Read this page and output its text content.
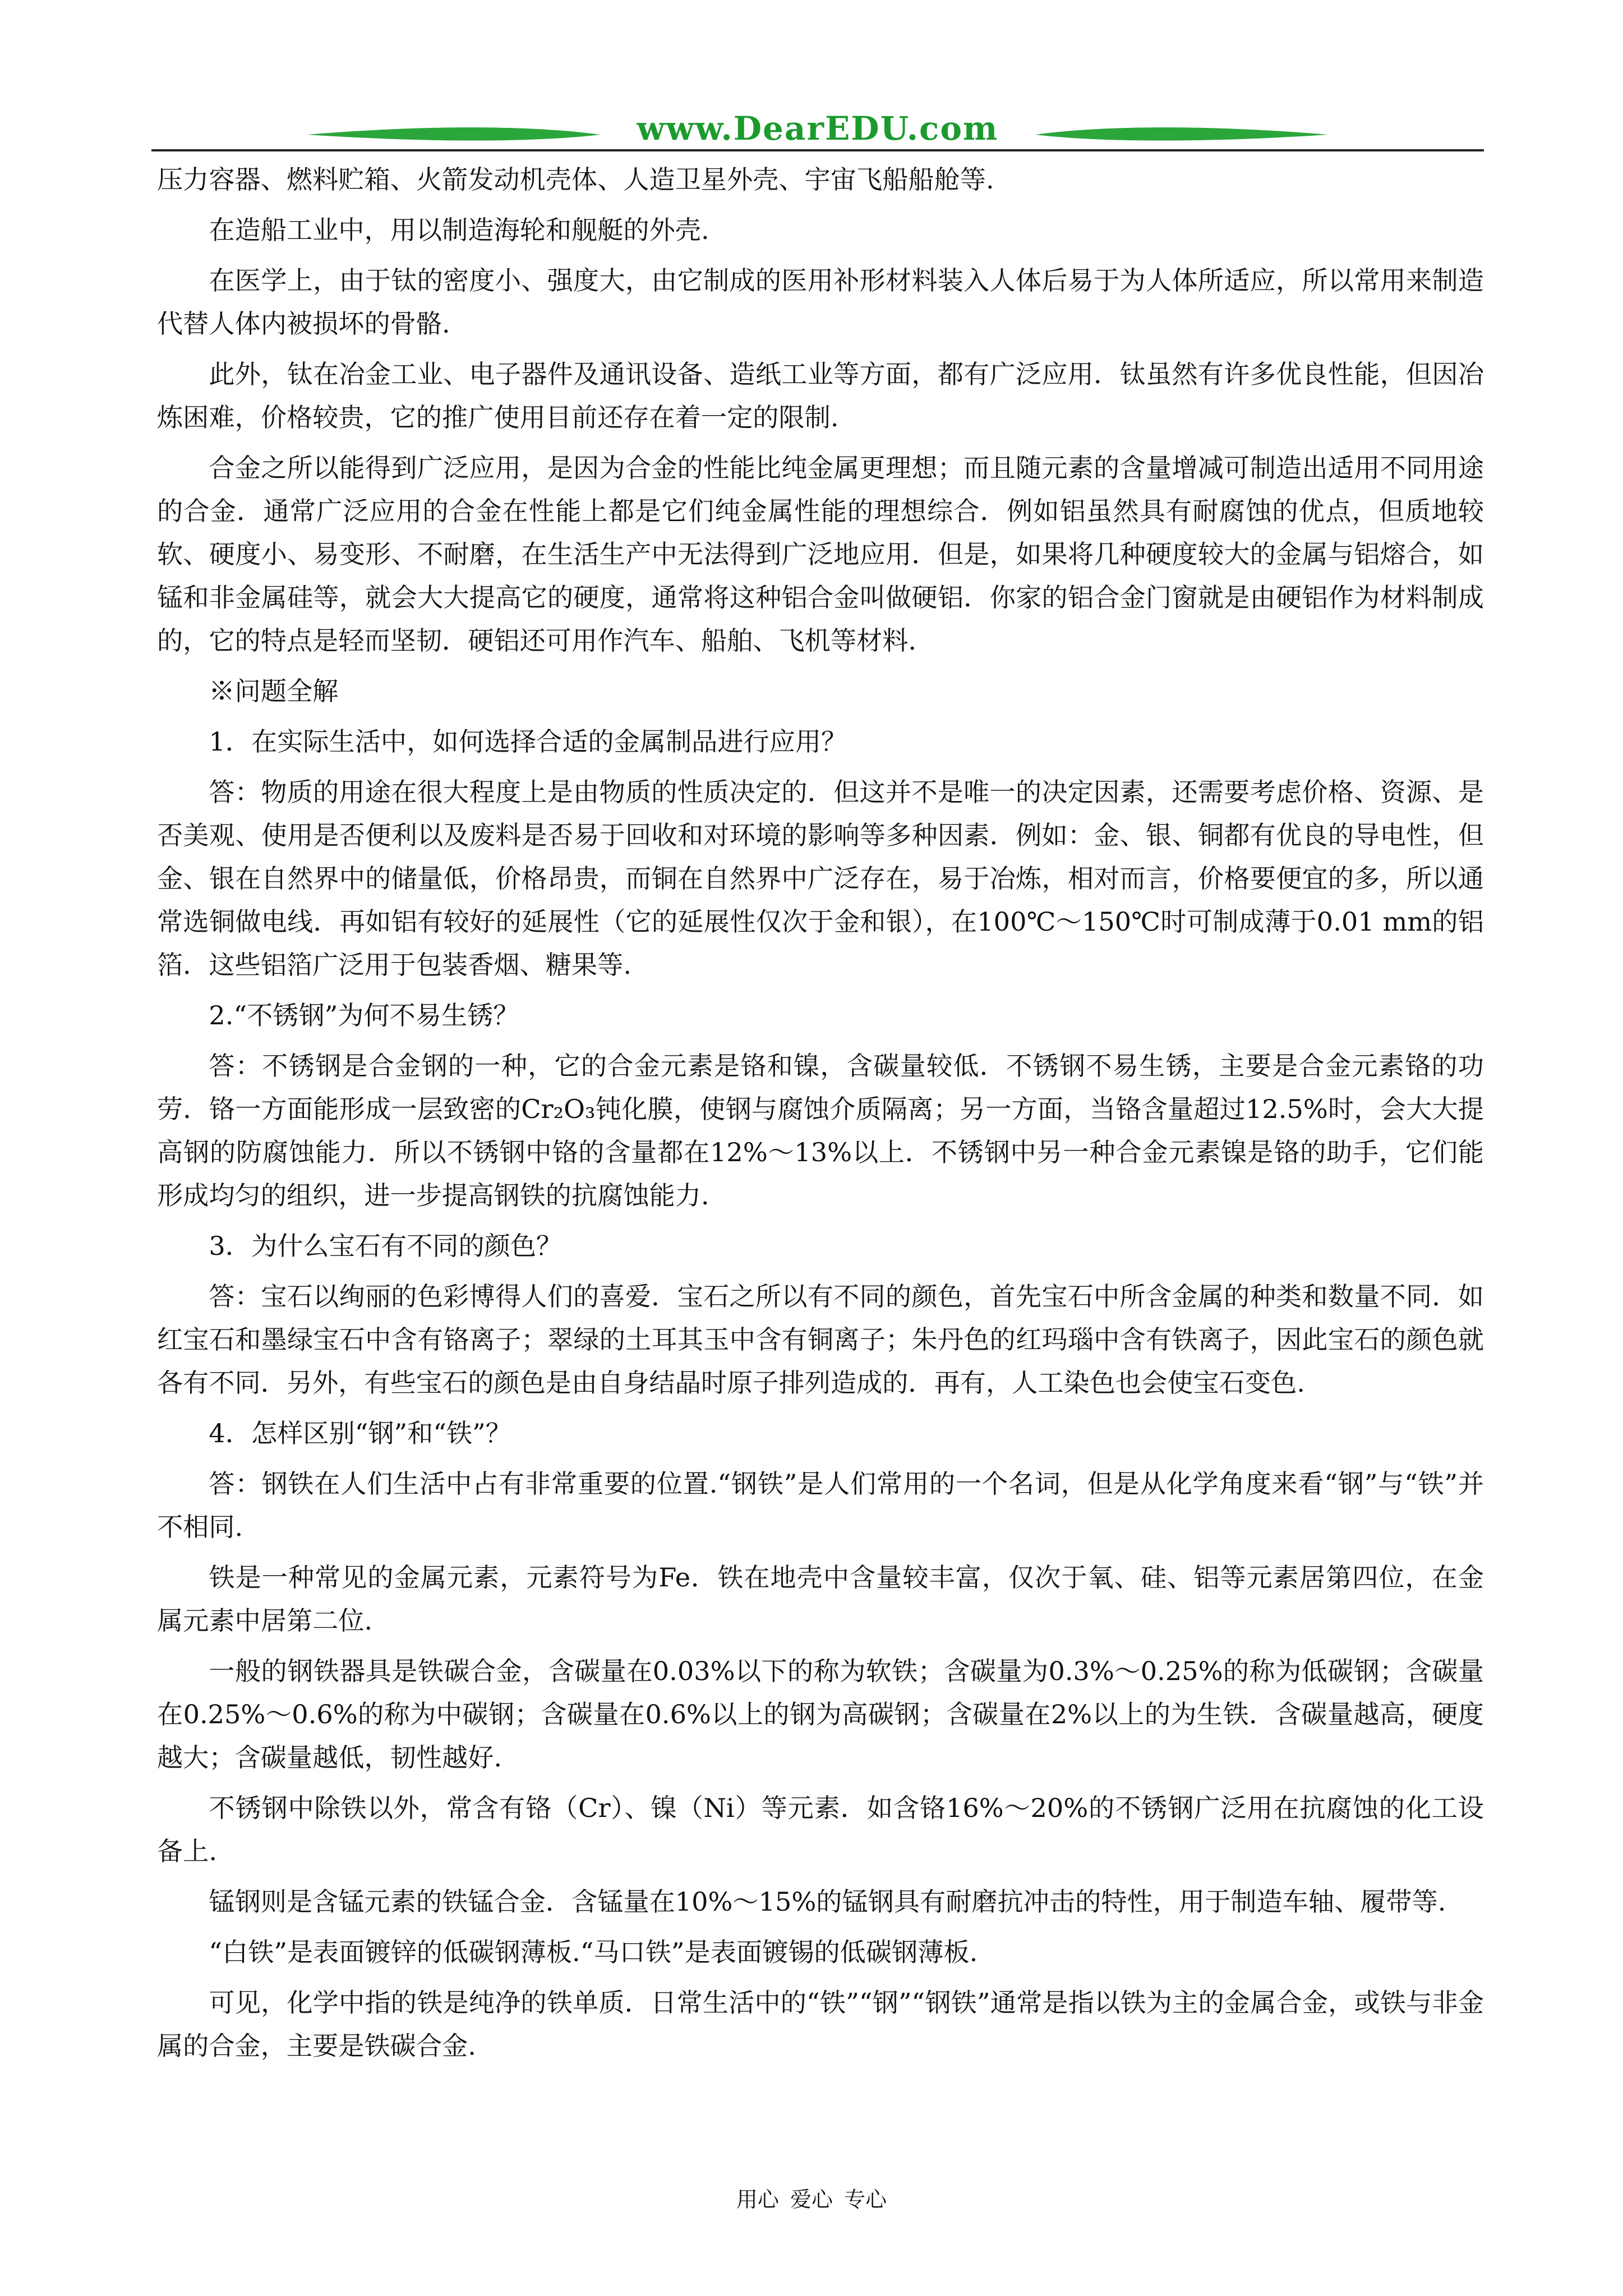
www.DearEDU.com

压力容器、燃料贮箱、火箭发动机壳体、人造卫星外壳、宇宙飞船船舱等.

在造船工业中，用以制造海轮和舰艇的外壳.

在医学上，由于钛的密度小、强度大，由它制成的医用补形材料装入人体后易于为人体所适应，所以常用来制造代替人体内被损坏的骨骼.

此外，钛在冶金工业、电子器件及通讯设备、造纸工业等方面，都有广泛应用．钛虽然有许多优良性能，但因冶炼困难，价格较贵，它的推广使用目前还存在着一定的限制.

合金之所以能得到广泛应用，是因为合金的性能比纯金属更理想；而且随元素的含量增减可制造出适用不同用途的合金．通常广泛应用的合金在性能上都是它们纯金属性能的理想综合．例如铝虽然具有耐腐蚀的优点，但质地较软、硬度小、易变形、不耐磨，在生活生产中无法得到广泛地应用．但是，如果将几种硬度较大的金属与铝熔合，如锰和非金属硅等，就会大大提高它的硬度，通常将这种铝合金叫做硬铝．你家的铝合金门窗就是由硬铝作为材料制成的，它的特点是轻而坚韧．硬铝还可用作汽车、船舶、飞机等材料.

※问题全解

1．在实际生活中，如何选择合适的金属制品进行应用？

答：物质的用途在很大程度上是由物质的性质决定的．但这并不是唯一的决定因素，还需要考虑价格、资源、是否美观、使用是否便利以及废料是否易于回收和对环境的影响等多种因素．例如：金、银、铜都有优良的导电性，但金、银在自然界中的储量低，价格昂贵，而铜在自然界中广泛存在，易于冶炼，相对而言，价格要便宜的多，所以通常选铜做电线．再如铝有较好的延展性（它的延展性仅次于金和银），在100℃～150℃时可制成薄于0.01 mm的铝箔．这些铝箔广泛用于包装香烟、糖果等.

2.“不锈钢”为何不易生锈？

答：不锈钢是合金钢的一种，它的合金元素是铬和镍，含碳量较低．不锈钢不易生锈，主要是合金元素铬的功劳．铬一方面能形成一层致密的Cr₂O₃钝化膜，使钢与腐蚀介质隔离；另一方面，当铬含量超过12.5%时，会大大提高钢的防腐蚀能力．所以不锈钢中铬的含量都在12%～13%以上．不锈钢中另一种合金元素镍是铬的助手，它们能形成均匀的组织，进一步提高钢铁的抗腐蚀能力.

3．为什么宝石有不同的颜色？

答：宝石以绚丽的色彩博得人们的喜爱．宝石之所以有不同的颜色，首先宝石中所含金属的种类和数量不同．如红宝石和墨绿宝石中含有铬离子；翠绿的土耳其玉中含有铜离子；朱丹色的红玛瑙中含有铁离子，因此宝石的颜色就各有不同．另外，有些宝石的颜色是由自身结晶时原子排列造成的．再有，人工染色也会使宝石变色.

4．怎样区别“钢”和“铁”？

答：钢铁在人们生活中占有非常重要的位置.“钢铁”是人们常用的一个名词，但是从化学角度来看“钢”与“铁”并不相同.

铁是一种常见的金属元素，元素符号为Fe．铁在地壳中含量较丰富，仅次于氧、硅、铝等元素居第四位，在金属元素中居第二位.

一般的钢铁器具是铁碳合金，含碳量在0.03%以下的称为软铁；含碳量为0.3%～0.25%的称为低碳钢；含碳量在0.25%～0.6%的称为中碳钢；含碳量在0.6%以上的钢为高碳钢；含碳量在2%以上的为生铁．含碳量越高，硬度越大；含碳量越低，韧性越好.

不锈钢中除铁以外，常含有铬（Cr）、镍（Ni）等元素．如含铬16%～20%的不锈钢广泛用在抗腐蚀的化工设备上.

锰钢则是含锰元素的铁锰合金．含锰量在10%～15%的锰钢具有耐磨抗冲击的特性，用于制造车轴、履带等.

“白铁”是表面镀锌的低碳钢薄板.“马口铁”是表面镀锡的低碳钢薄板.

可见，化学中指的铁是纯净的铁单质．日常生活中的“铁”“钢”“钢铁”通常是指以铁为主的金属合金，或铁与非金属的合金，主要是铁碳合金.

用心 爱心 专心
